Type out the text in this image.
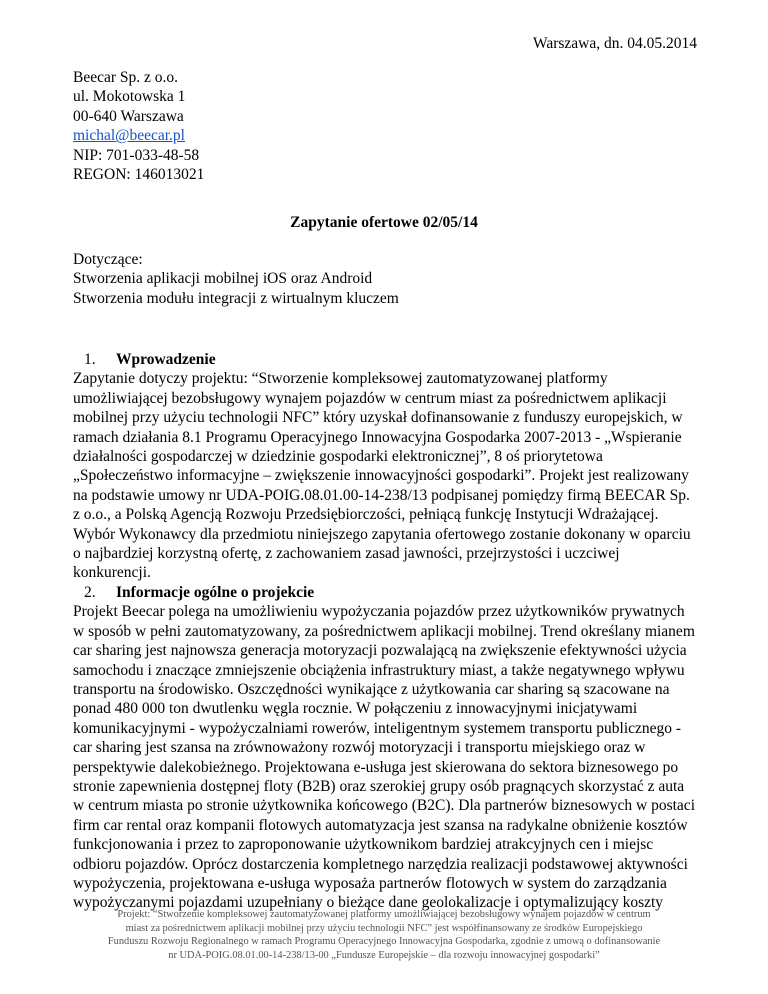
Warszawa, dn. 04.05.2014
Beecar Sp. z o.o.
ul. Mokotowska 1
00-640 Warszawa
michal@beecar.pl
NIP: 701-033-48-58
REGON: 146013021
Zapytanie ofertowe 02/05/14
Dotyczące:
Stworzenia aplikacji mobilnej iOS oraz Android
Stworzenia modułu integracji z wirtualnym kluczem
1. Wprowadzenie
Zapytanie dotyczy projektu: “Stworzenie kompleksowej zautomatyzowanej platformy
umożliwiającej bezobsługowy wynajem pojazdów w centrum miast za pośrednictwem aplikacji
mobilnej przy użyciu technologii NFC” który uzyskał dofinansowanie z funduszy europejskich, w
ramach działania 8.1 Programu Operacyjnego Innowacyjna Gospodarka 2007-2013 - „Wspieranie
działalności gospodarczej w dziedzinie gospodarki elektronicznej”, 8 oś priorytetowa
„Społeczeństwo informacyjne – zwiększenie innowacyjności gospodarki”. Projekt jest realizowany
na podstawie umowy nr UDA-POIG.08.01.00-14-238/13 podpisanej pomiędzy firmą BEECAR Sp.
z o.o., a Polską Agencją Rozwoju Przedsiębiorczości, pełniącą funkcję Instytucji Wdrażającej.
Wybór Wykonawcy dla przedmiotu niniejszego zapytania ofertowego zostanie dokonany w oparciu
o najbardziej korzystną ofertę, z zachowaniem zasad jawności, przejrzystości i uczciwej
konkurencji.
2. Informacje ogólne o projekcie
Projekt Beecar polega na umożliwieniu wypożyczania pojazdów przez użytkowników prywatnych
w sposób w pełni zautomatyzowany, za pośrednictwem aplikacji mobilnej. Trend określany mianem
car sharing jest najnowsza generacja motoryzacji pozwalającą na zwiększenie efektywności użycia
samochodu i znaczące zmniejszenie obciążenia infrastruktury miast, a także negatywnego wpływu
transportu na środowisko. Oszczędności wynikające z użytkowania car sharing są szacowane na
ponad 480 000 ton dwutlenku węgla rocznie. W połączeniu z innowacyjnymi inicjatywami
komunikacyjnymi - wypożyczalniami rowerów, inteligentnym systemem transportu publicznego -
car sharing jest szansa na zrównoważony rozwój motoryzacji i transportu miejskiego oraz w
perspektywie dalekobieżnego. Projektowana e-usługa jest skierowana do sektora biznesowego po
stronie zapewnienia dostępnej floty (B2B) oraz szerokiej grupy osób pragnących skorzystać z auta
w centrum miasta po stronie użytkownika końcowego (B2C). Dla partnerów biznesowych w postaci
firm car rental oraz kompanii flotowych automatyzacja jest szansa na radykalne obniżenie kosztów
funkcjonowania i przez to zaproponowanie użytkownikom bardziej atrakcyjnych cen i miejsc
odbioru pojazdów. Oprócz dostarczenia kompletnego narzędzia realizacji podstawowej aktywności
wypożyczenia, projektowana e-usługa wyposaża partnerów flotowych w system do zarządzania
wypożyczanymi pojazdami uzupełniany o bieżące dane geolokalizacje i optymalizujący koszty
Projekt: “Stworzenie kompleksowej zautomatyzowanej platformy umożliwiającej bezobsługowy wynajem pojazdów w centrum
miast za pośrednictwem aplikacji mobilnej przy użyciu technologii NFC” jest współfinansowany ze środków Europejskiego
Funduszu Rozwoju Regionalnego w ramach Programu Operacyjnego Innowacyjna Gospodarka, zgodnie z umową o dofinansowanie
nr UDA-POIG.08.01.00-14-238/13-00 „Fundusze Europejskie – dla rozwoju innowacyjnej gospodarki”
